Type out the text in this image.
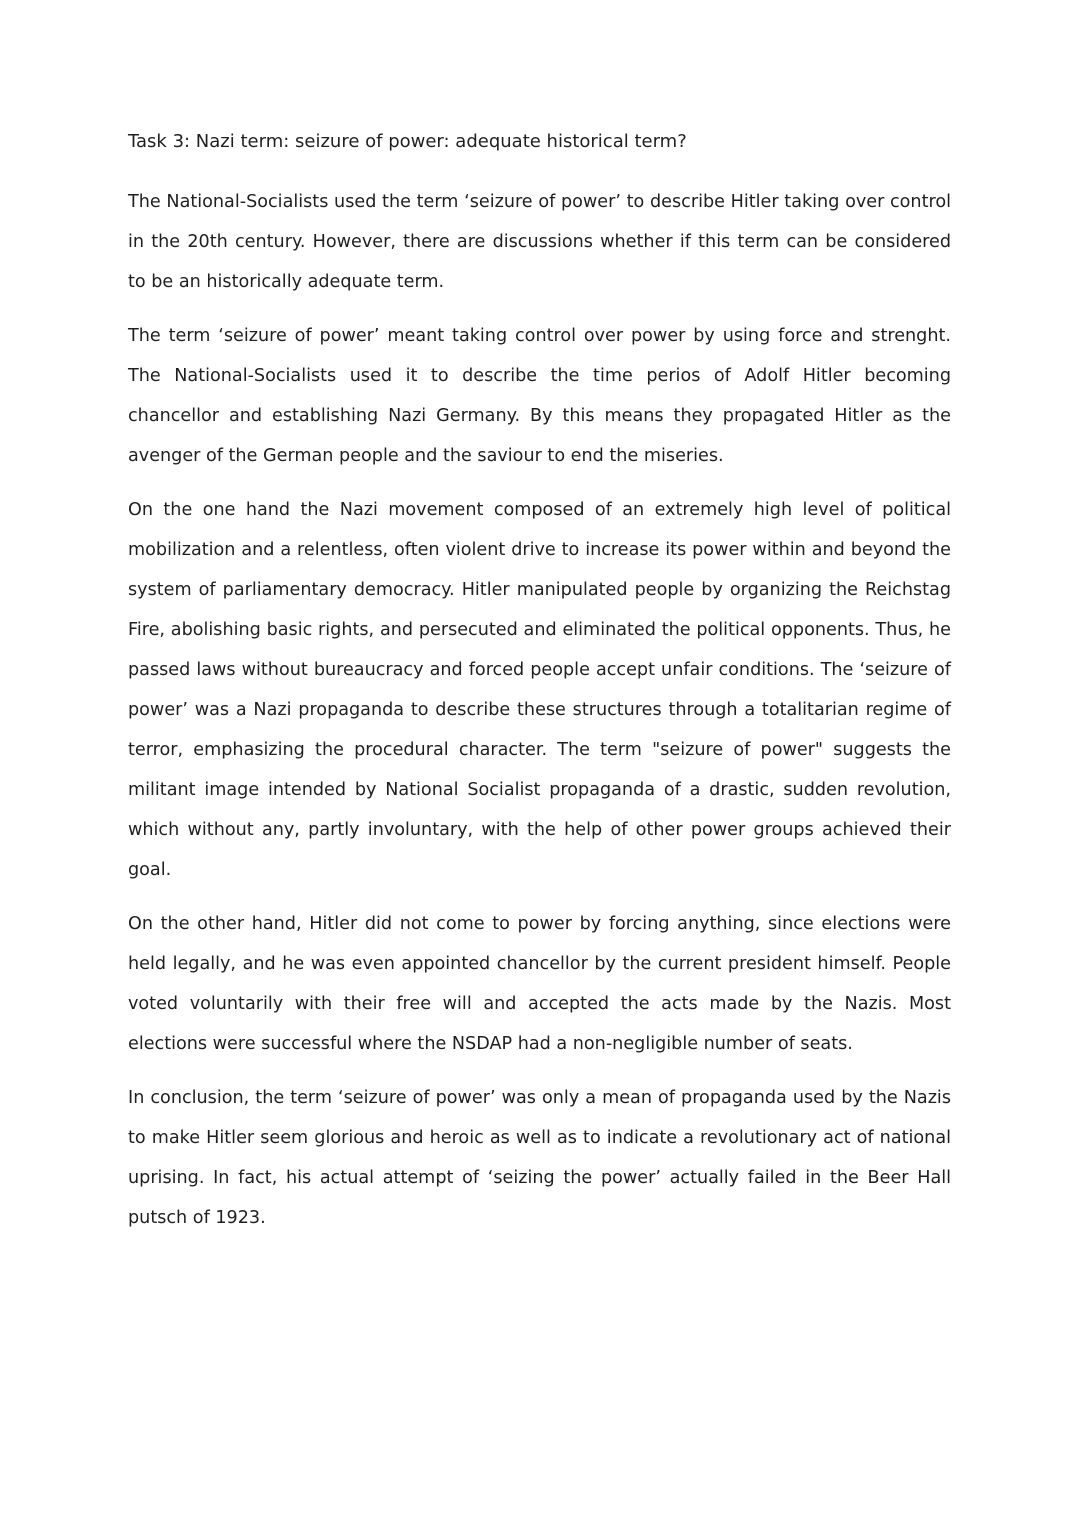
Task 3: Nazi term: seizure of power: adequate historical term?

The National-Socialists used the term ‘seizure of power’ to describe Hitler taking over control in the 20th century. However, there are discussions whether if this term can be considered to be an historically adequate term.

The term ‘seizure of power’ meant taking control over power by using force and strenght. The National-Socialists used it to describe the time perios of Adolf Hitler becoming chancellor and establishing Nazi Germany. By this means they propagated Hitler as the avenger of the German people and the saviour to end the miseries.

On the one hand the Nazi movement composed of an extremely high level of political mobilization and a relentless, often violent drive to increase its power within and beyond the system of parliamentary democracy. Hitler manipulated people by organizing the Reichstag Fire, abolishing basic rights, and persecuted and eliminated the political opponents. Thus, he passed laws without bureaucracy and forced people accept unfair conditions. The ‘seizure of power’ was a Nazi propaganda to describe these structures through a totalitarian regime of terror, emphasizing the procedural character. The term "seizure of power" suggests the militant image intended by National Socialist propaganda of a drastic, sudden revolution, which without any, partly involuntary, with the help of other power groups achieved their goal.

On the other hand, Hitler did not come to power by forcing anything, since elections were held legally, and he was even appointed chancellor by the current president himself. People voted voluntarily with their free will and accepted the acts made by the Nazis. Most elections were successful where the NSDAP had a non-negligible number of seats.

In conclusion, the term ‘seizure of power’ was only a mean of propaganda used by the Nazis to make Hitler seem glorious and heroic as well as to indicate a revolutionary act of national uprising. In fact, his actual attempt of ‘seizing the power’ actually failed in the Beer Hall putsch of 1923.
